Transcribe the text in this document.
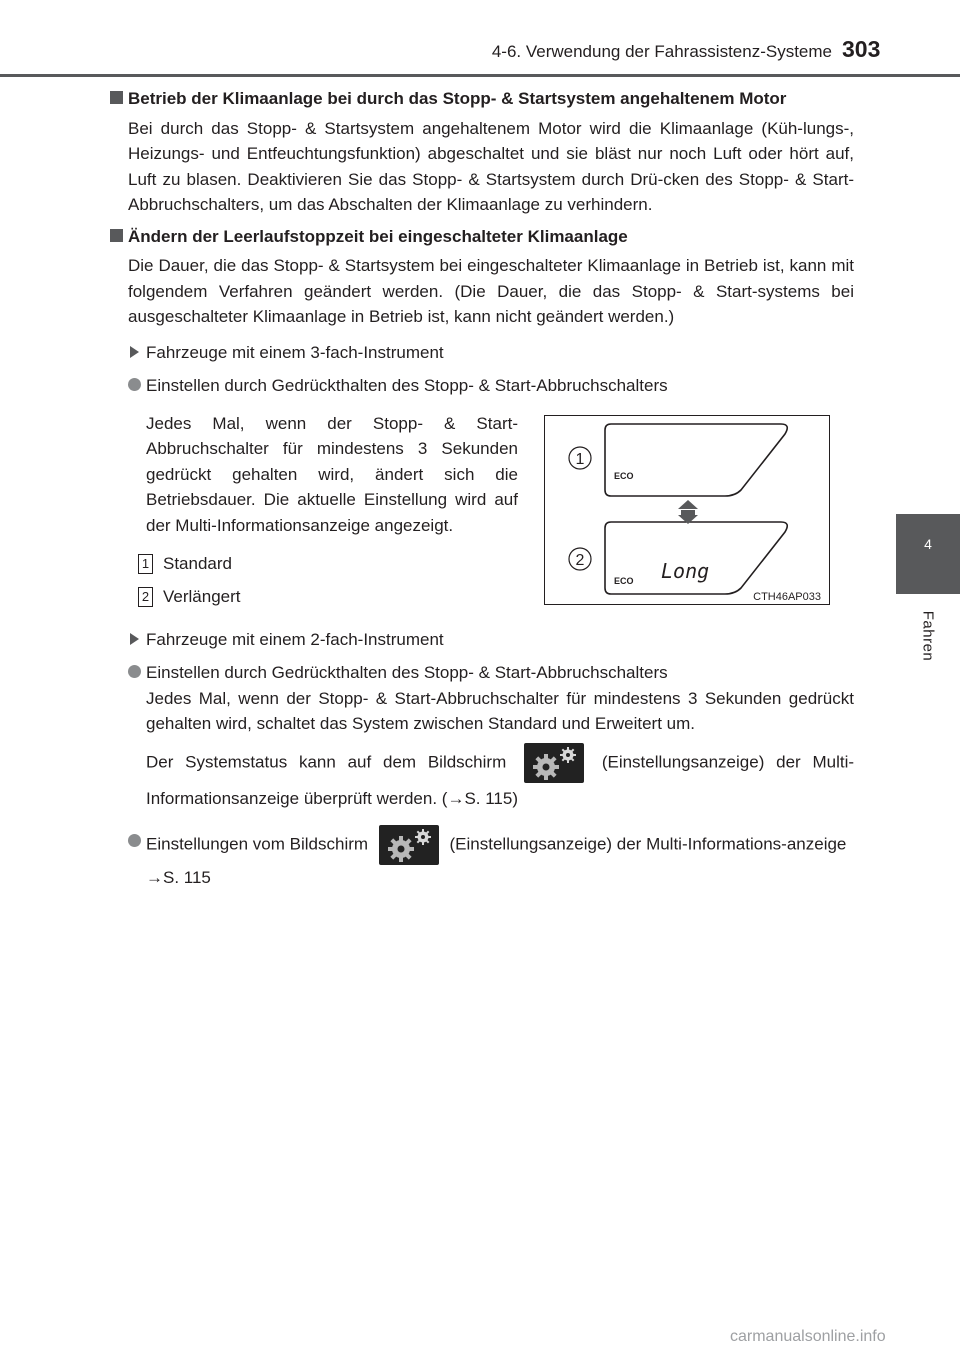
4-6. Verwendung der Fahrassistenz-Systeme 303
4
Fahren
Betrieb der Klimaanlage bei durch das Stopp- & Startsystem angehaltenem Motor
Bei durch das Stopp- & Startsystem angehaltenem Motor wird die Klimaanlage (Küh-lungs-, Heizungs- und Entfeuchtungsfunktion) abgeschaltet und sie bläst nur noch Luft oder hört auf, Luft zu blasen. Deaktivieren Sie das Stopp- & Startsystem durch Drü-cken des Stopp- & Start-Abbruchschalters, um das Abschalten der Klimaanlage zu verhindern.
Ändern der Leerlaufstoppzeit bei eingeschalteter Klimaanlage
Die Dauer, die das Stopp- & Startsystem bei eingeschalteter Klimaanlage in Betrieb ist, kann mit folgendem Verfahren geändert werden. (Die Dauer, die das Stopp- & Start-systems bei ausgeschalteter Klimaanlage in Betrieb ist, kann nicht geändert werden.)
Fahrzeuge mit einem 3-fach-Instrument
Einstellen durch Gedrückthalten des Stopp- & Start-Abbruchschalters
Jedes Mal, wenn der Stopp- & Start-Abbruchschalter für mindestens 3 Sekunden gedrückt gehalten wird, ändert sich die Betriebsdauer. Die aktuelle Einstellung wird auf der Multi-Informationsanzeige angezeigt.
1 Standard
2 Verlängert
1
2
ECO
ECO Long
CTH46AP033
Fahrzeuge mit einem 2-fach-Instrument
Einstellen durch Gedrückthalten des Stopp- & Start-Abbruchschalters
Jedes Mal, wenn der Stopp- & Start-Abbruchschalter für mindestens 3 Sekunden gedrückt gehalten wird, schaltet das System zwischen Standard und Erweitert um.
Der Systemstatus kann auf dem Bildschirm	(Einstellungsanzeige) der Multi-Informationsanzeige überprüft werden. (→S. 115)
Einstellungen vom Bildschirm	(Einstellungsanzeige) der Multi-Informations-anzeige
→S. 115
carmanualsonline.info
